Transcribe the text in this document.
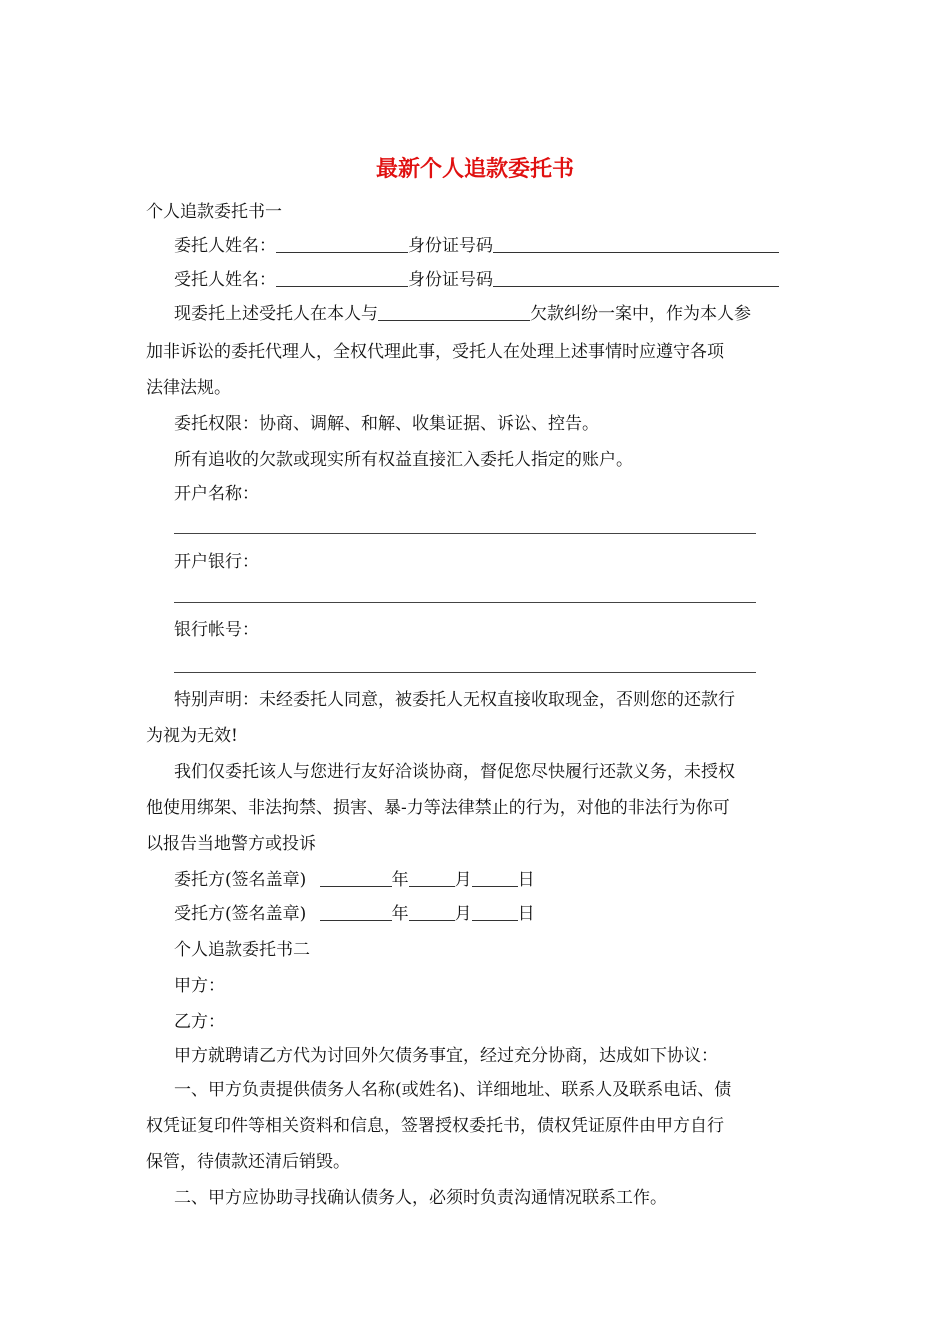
最新个人追款委托书
个人追款委托书一
委托人姓名：	身份证号码
受托人姓名：	身份证号码
现委托上述受托人在本人与	欠款纠纷一案中，作为本人参
加非诉讼的委托代理人，全权代理此事，受托人在处理上述事情时应遵守各项
法律法规。
委托权限：协商、调解、和解、收集证据、诉讼、控告。
所有追收的欠款或现实所有权益直接汇入委托人指定的账户。
开户名称：
开户银行：
银行帐号：
特别声明：未经委托人同意，被委托人无权直接收取现金，否则您的还款行
为视为无效!
我们仅委托该人与您进行友好洽谈协商，督促您尽快履行还款义务，未授权
他使用绑架、非法拘禁、损害、暴-力等法律禁止的行为，对他的非法行为你可
以报告当地警方或投诉
委托方(签名盖章)	年	月	日
受托方(签名盖章)	年	月	日
个人追款委托书二
甲方：
乙方：
甲方就聘请乙方代为讨回外欠债务事宜，经过充分协商，达成如下协议：
一、甲方负责提供债务人名称(或姓名)、详细地址、联系人及联系电话、债
权凭证复印件等相关资料和信息，签署授权委托书，债权凭证原件由甲方自行
保管，待债款还清后销毁。
二、甲方应协助寻找确认债务人，必须时负责沟通情况联系工作。
